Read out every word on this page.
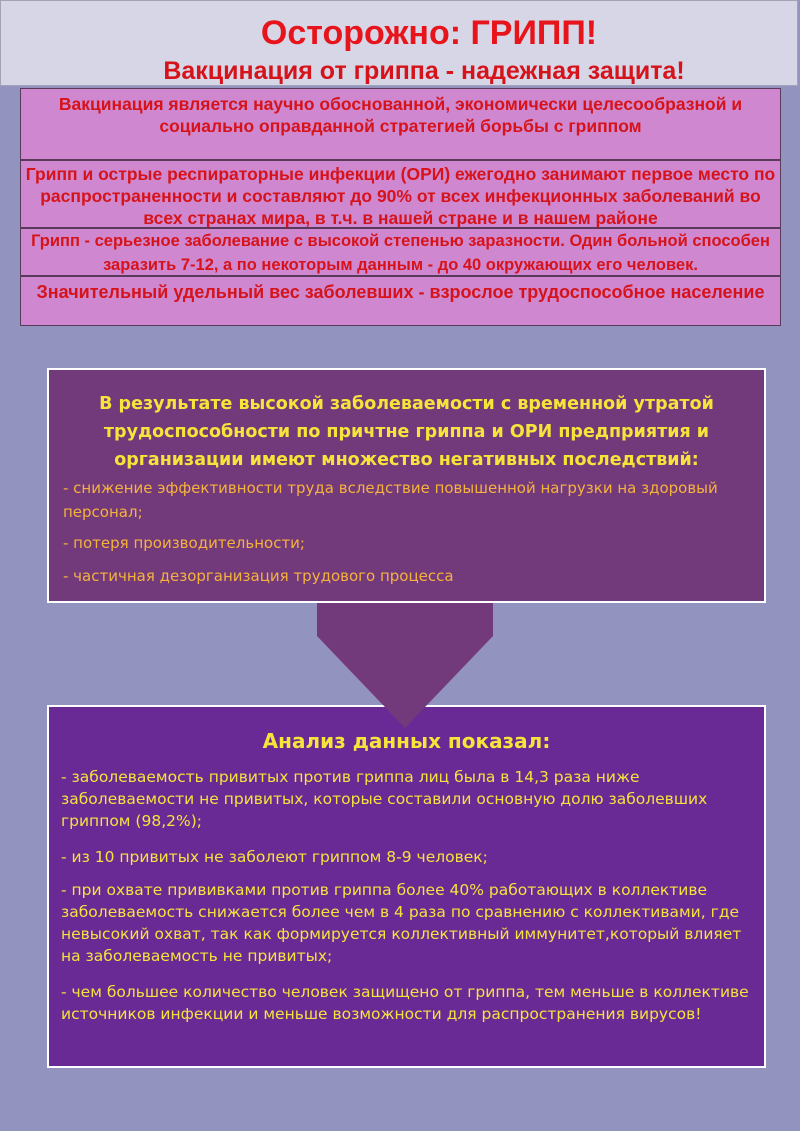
Осторожно: ГРИПП!
Вакцинация от гриппа - надежная защита!
Вакцинация является научно обоснованной, экономически целесообразной и социально оправданной стратегией борьбы с гриппом
Грипп и острые респираторные инфекции (ОРИ) ежегодно занимают первое место по распространенности и составляют до 90% от всех инфекционных заболеваний во всех странах мира, в т.ч. в нашей стране и в нашем районе
Грипп - серьезное заболевание с высокой степенью заразности. Один больной способен заразить 7-12, а по некоторым данным - до 40 окружающих его человек.
Значительный удельный вес заболевших - взрослое трудоспособное население
В результате высокой заболеваемости с временной утратой трудоспособности по причтне гриппа и ОРИ предприятия и организации имеют множество негативных последствий:
- снижение эффективности труда вследствие повышенной нагрузки на здоровый персонал;
- потеря производительности;
- частичная дезорганизация трудового процесса
Анализ данных показал:
- заболеваемость привитых против гриппа лиц была в 14,3 раза ниже заболеваемости не привитых, которые составили основную долю заболевших гриппом (98,2%);
- из 10 привитых не заболеют гриппом 8-9 человек;
- при охвате прививками против гриппа более 40% работающих в коллективе заболеваемость снижается более чем в 4 раза по сравнению с коллективами, где невысокий охват, так как формируется коллективный иммунитет,который влияет на заболеваемость не привитых;
- чем большее количество человек защищено от гриппа, тем меньше в коллективе источников инфекции и меньше возможности для распространения вирусов!
